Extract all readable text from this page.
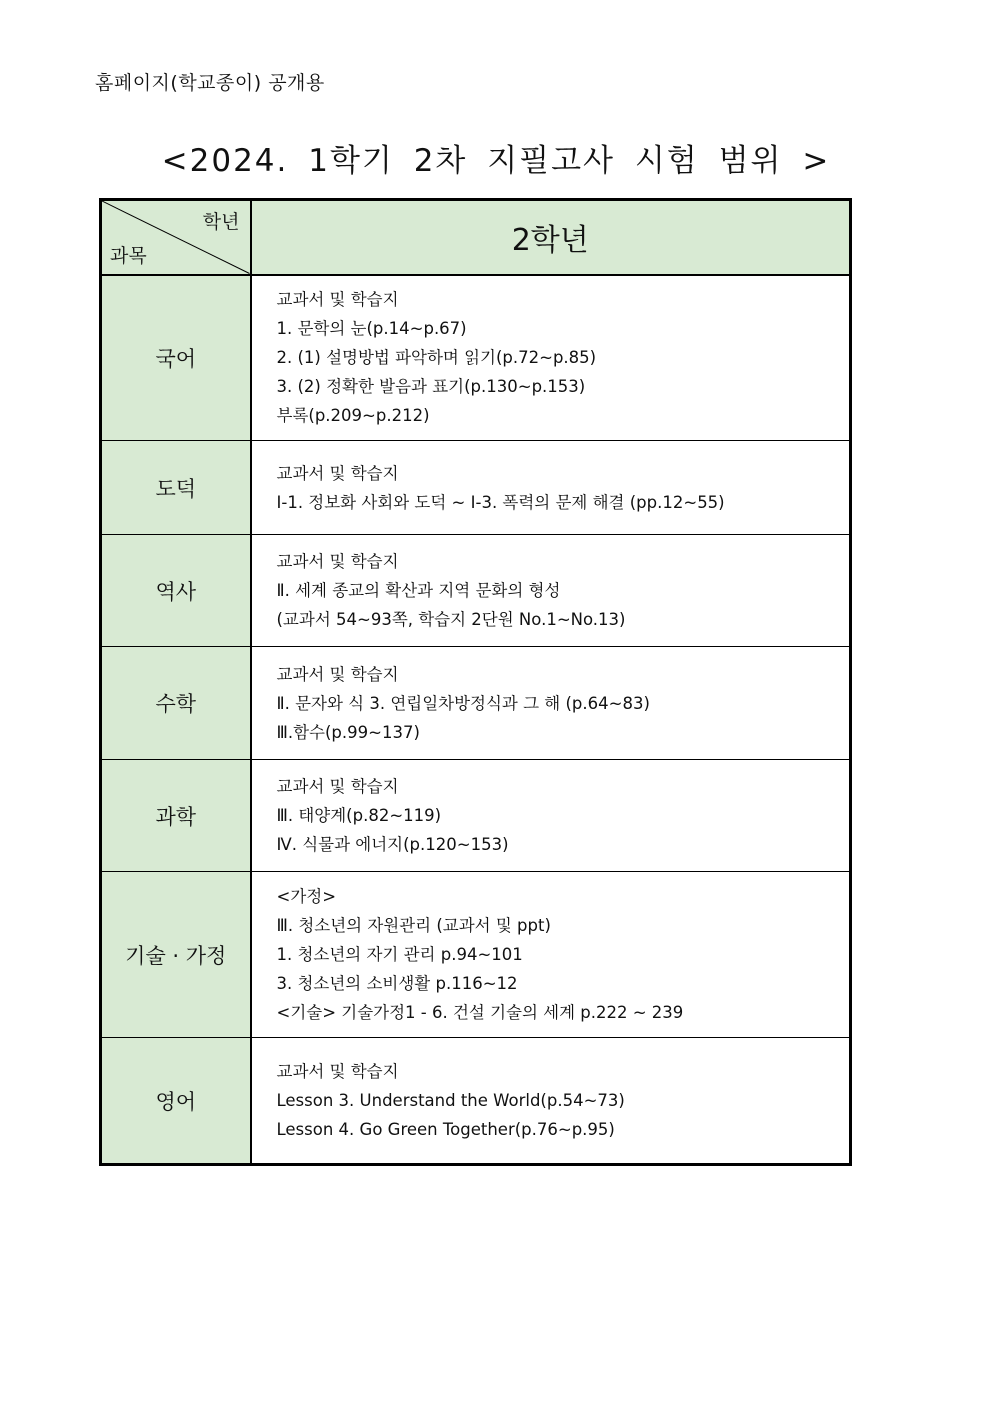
홈페이지(학교종이) 공개용
<2024. 1학기 2차 지필고사 시험 범위 >
학년
과목	2학년
국어	교과서 및 학습지
1. 문학의 눈(p.14~p.67)
2. (1) 설명방법 파악하며 읽기(p.72~p.85)
3. (2) 정확한 발음과 표기(p.130~p.153)
부록(p.209~p.212)

도덕	교과서 및 학습지
Ⅰ-1. 정보화 사회와 도덕 ~ Ⅰ-3. 폭력의 문제 해결 (pp.12~55)

역사	교과서 및 학습지
Ⅱ. 세계 종교의 확산과 지역 문화의 형성
(교과서 54~93쪽, 학습지 2단원 No.1~No.13)

수학	교과서 및 학습지
Ⅱ. 문자와 식 3. 연립일차방정식과 그 해 (p.64~83)
Ⅲ.함수(p.99~137)

과학	교과서 및 학습지
Ⅲ. 태양계(p.82~119)
Ⅳ. 식물과 에너지(p.120~153)

기술 · 가정	<가정>
Ⅲ. 청소년의 자원관리 (교과서 및 ppt)
1. 청소년의 자기 관리 p.94~101
3. 청소년의 소비생활 p.116~12
<기술> 기술가정1 - 6. 건설 기술의 세계 p.222 ~ 239

영어	교과서 및 학습지
Lesson 3. Understand the World(p.54~73)
Lesson 4. Go Green Together(p.76~p.95)
